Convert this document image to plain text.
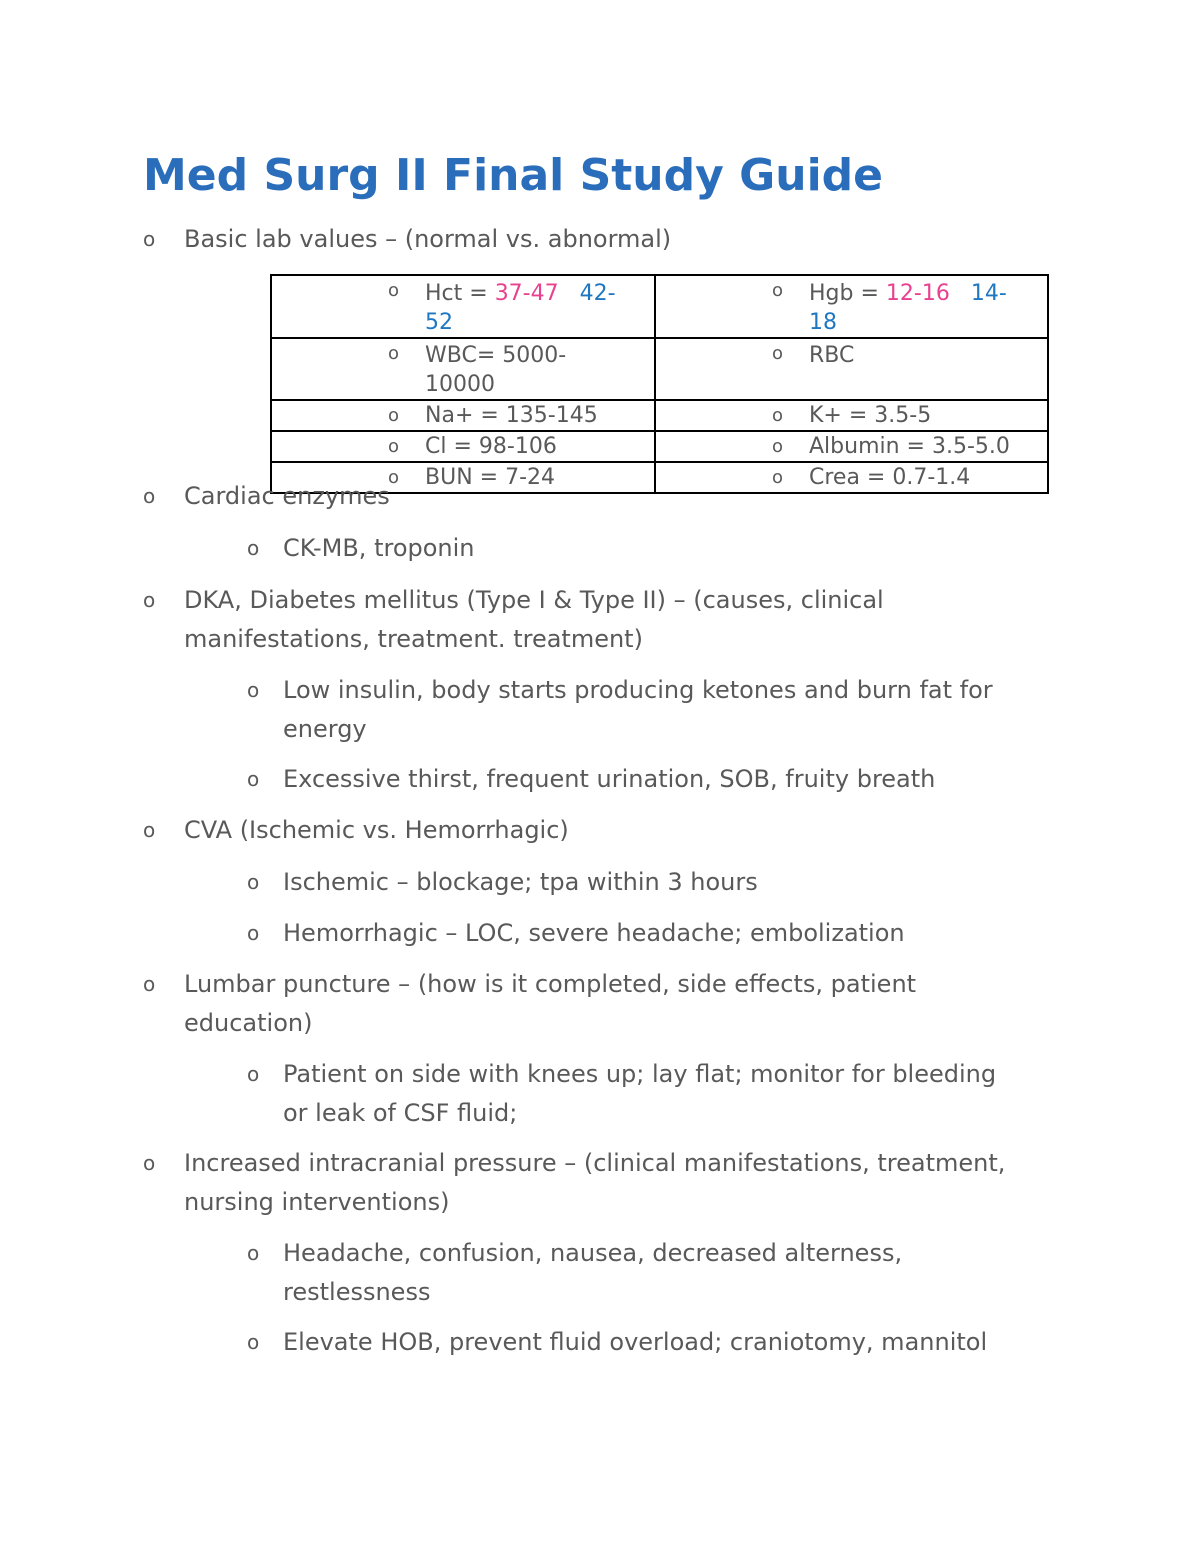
Med Surg II Final Study Guide
o	Basic lab values – (normal vs. abnormal)
o Hct = 37-47 42-52	o Hgb = 12-16 14-18

o WBC= 5000-10000	o RBC

o Na+ = 135-145	o K+ = 3.5-5

o Cl = 98-106	o Albumin = 3.5-5.0

o BUN = 7-24	o Crea = 0.7-1.4
o	Cardiac enzymes
o CK-MB, troponin
o	DKA, Diabetes mellitus (Type I & Type II) – (causes, clinical manifestations, treatment. treatment)
o Low insulin, body starts producing ketones and burn fat for energy
o Excessive thirst, frequent urination, SOB, fruity breath
o	CVA (Ischemic vs. Hemorrhagic)
o Ischemic – blockage; tpa within 3 hours
o Hemorrhagic – LOC, severe headache; embolization
o	Lumbar puncture – (how is it completed, side effects, patient education)
o Patient on side with knees up; lay flat; monitor for bleeding or leak of CSF fluid;
o	Increased intracranial pressure – (clinical manifestations, treatment, nursing interventions)
o Headache, confusion, nausea, decreased alterness, restlessness
o Elevate HOB, prevent fluid overload; craniotomy, mannitol
